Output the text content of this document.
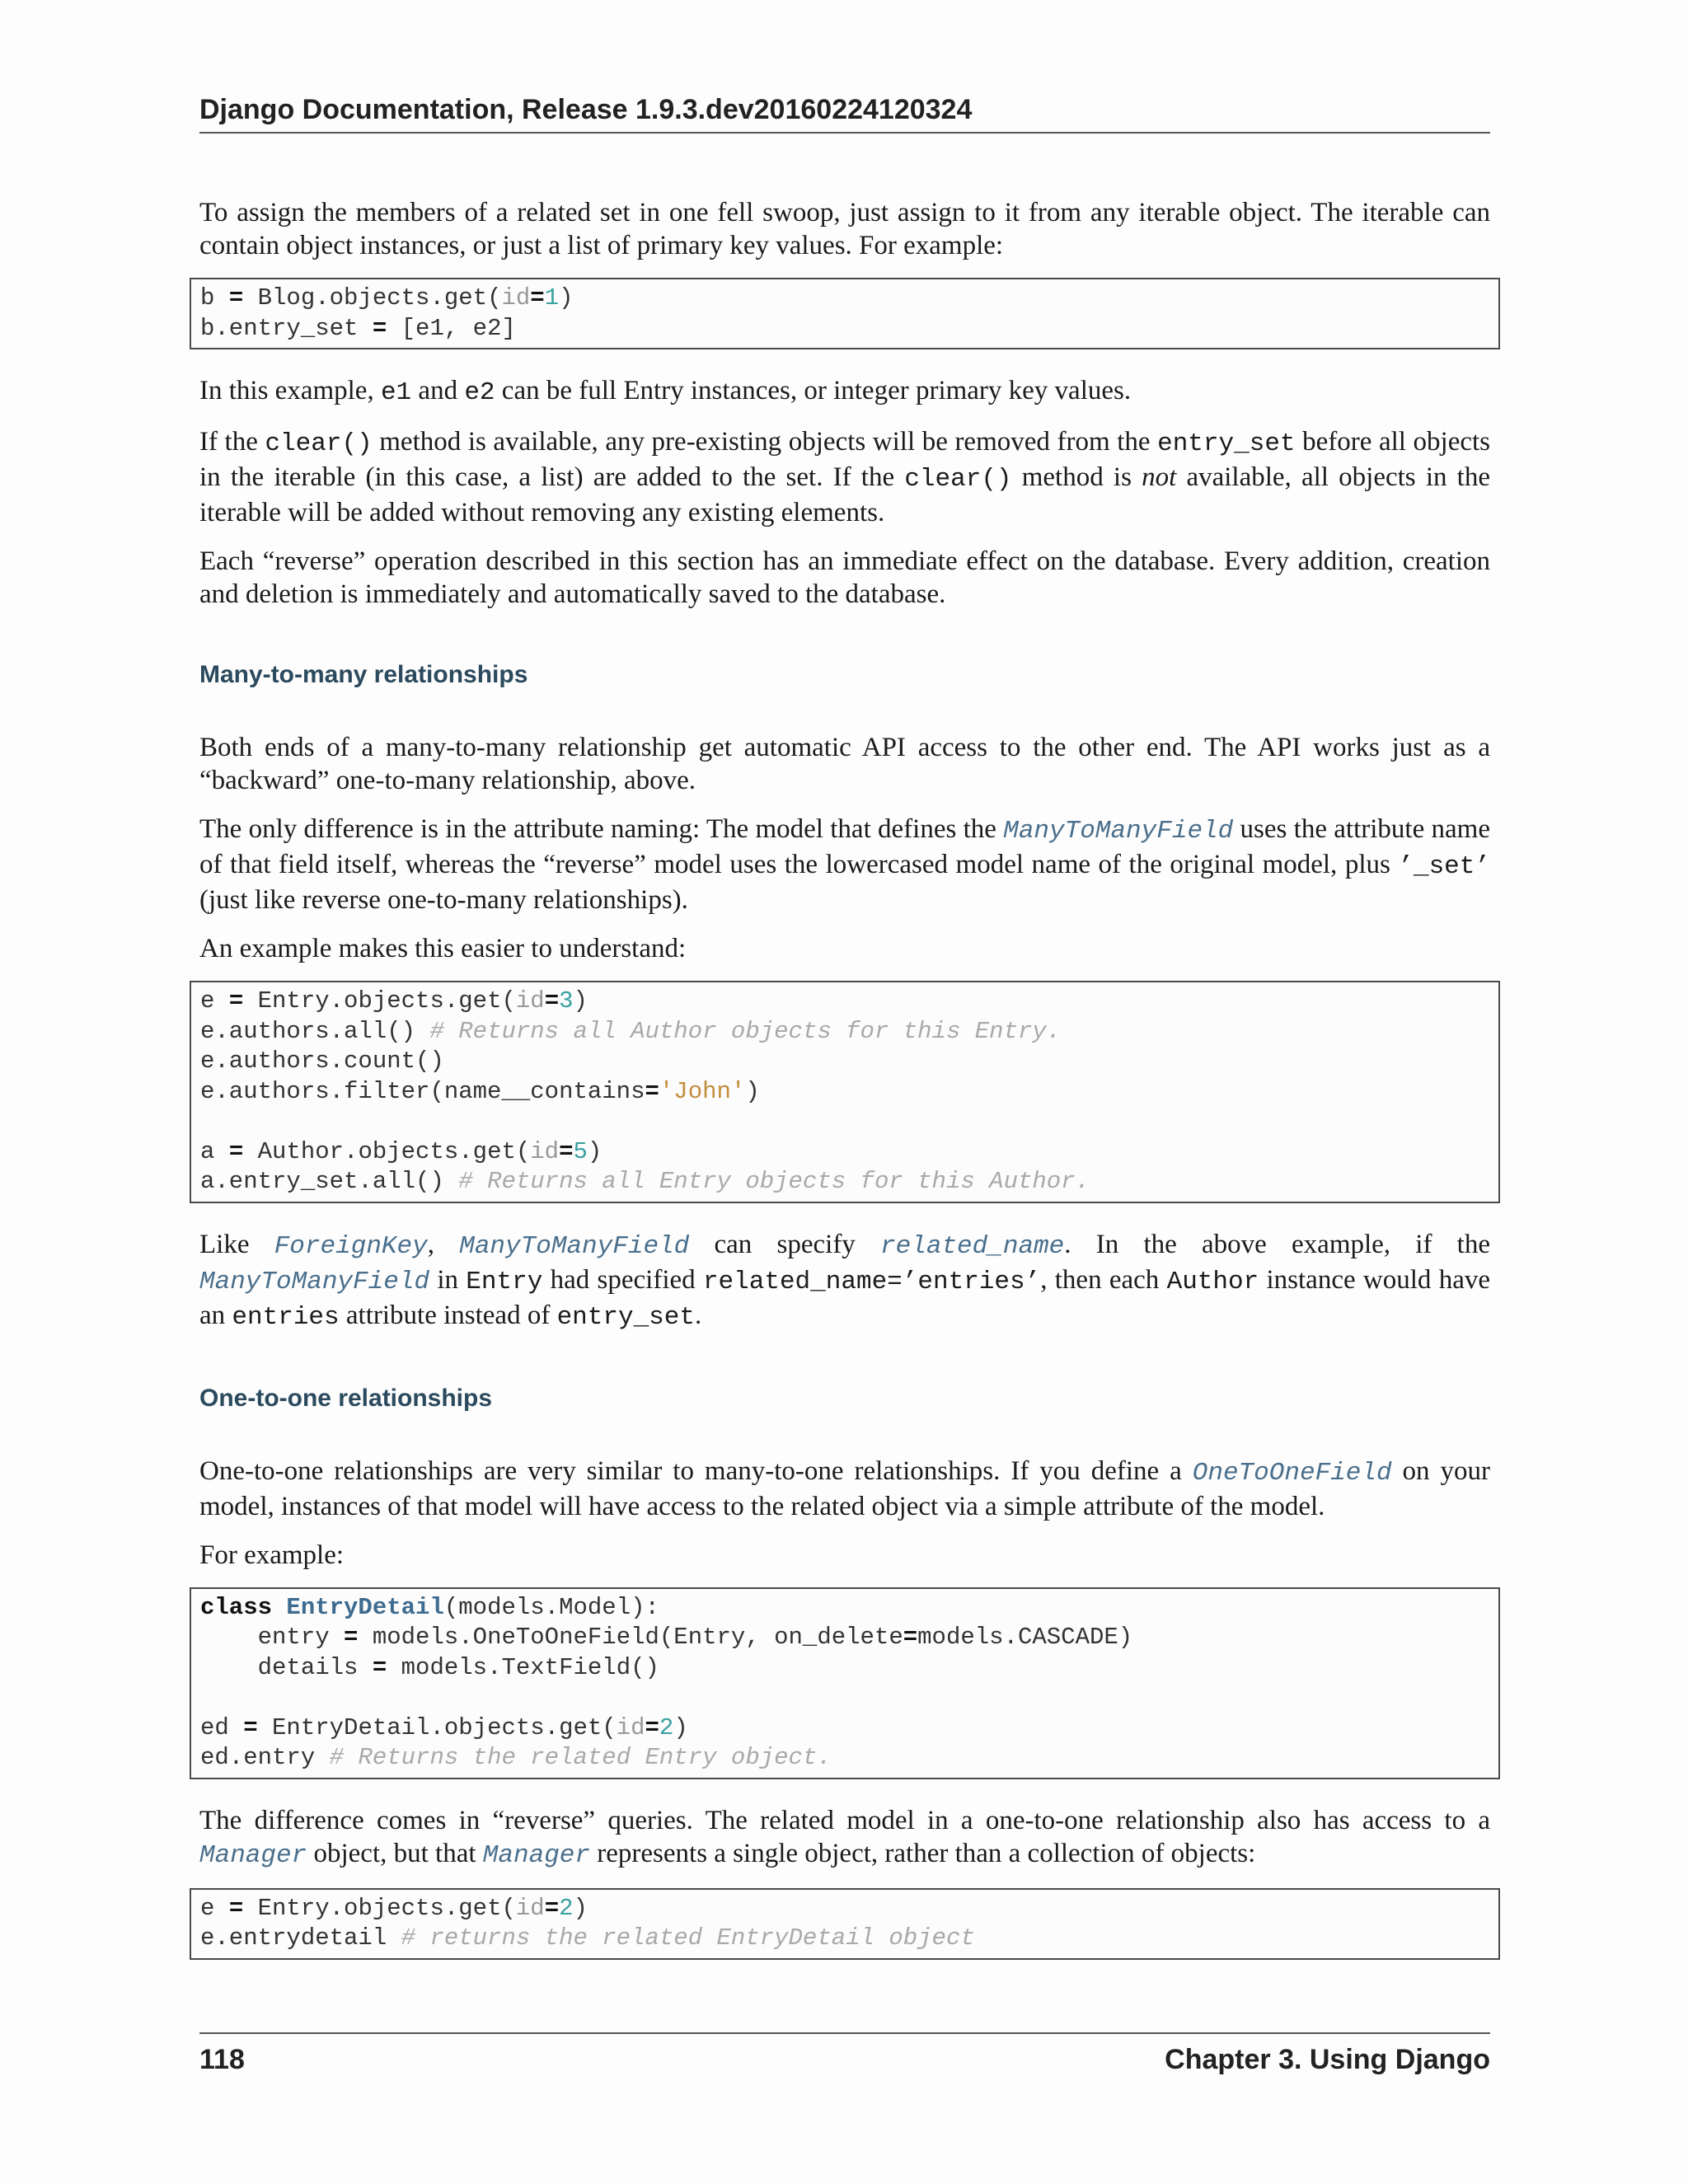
Django Documentation, Release 1.9.3.dev20160224120324

To assign the members of a related set in one fell swoop, just assign to it from any iterable object. The iterable can contain object instances, or just a list of primary key values. For example:

b = Blog.objects.get(id=1)
b.entry_set = [e1, e2]

In this example, e1 and e2 can be full Entry instances, or integer primary key values.

If the clear() method is available, any pre-existing objects will be removed from the entry_set before all objects in the iterable (in this case, a list) are added to the set. If the clear() method is not available, all objects in the iterable will be added without removing any existing elements.

Each “reverse” operation described in this section has an immediate effect on the database. Every addition, creation and deletion is immediately and automatically saved to the database.

Many-to-many relationships

Both ends of a many-to-many relationship get automatic API access to the other end. The API works just as a “backward” one-to-many relationship, above.

The only difference is in the attribute naming: The model that defines the ManyToManyField uses the attribute name of that field itself, whereas the “reverse” model uses the lowercased model name of the original model, plus ’_set’ (just like reverse one-to-many relationships).

An example makes this easier to understand:

e = Entry.objects.get(id=3)
e.authors.all() # Returns all Author objects for this Entry.
e.authors.count()
e.authors.filter(name__contains='John')
a = Author.objects.get(id=5)
a.entry_set.all() # Returns all Entry objects for this Author.

Like ForeignKey, ManyToManyField can specify related_name. In the above example, if the ManyToManyField in Entry had specified related_name=’entries’, then each Author instance would have an entries attribute instead of entry_set.

One-to-one relationships

One-to-one relationships are very similar to many-to-one relationships. If you define a OneToOneField on your model, instances of that model will have access to the related object via a simple attribute of the model.

For example:

class EntryDetail(models.Model):
entry = models.OneToOneField(Entry, on_delete=models.CASCADE)
details = models.TextField()
ed = EntryDetail.objects.get(id=2)
ed.entry # Returns the related Entry object.

The difference comes in “reverse” queries. The related model in a one-to-one relationship also has access to a Manager object, but that Manager represents a single object, rather than a collection of objects:

e = Entry.objects.get(id=2)
e.entrydetail # returns the related EntryDetail object
118	Chapter 3. Using Django
